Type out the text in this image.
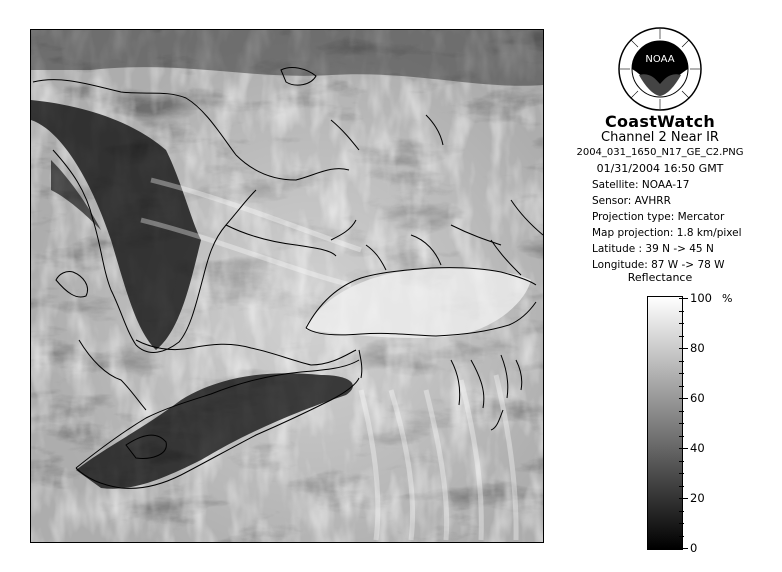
NOAA
CoastWatch
Channel 2 Near IR
2004_031_1650_N17_GE_C2.PNG
01/31/2004 16:50 GMT
Satellite: NOAA-17
Sensor: AVHRR
Projection type: Mercator
Map projection: 1.8 km/pixel
Latitude : 39 N -> 45 N
Longitude: 87 W -> 78 W
Reflectance
%
100
80
60
40
20
0
